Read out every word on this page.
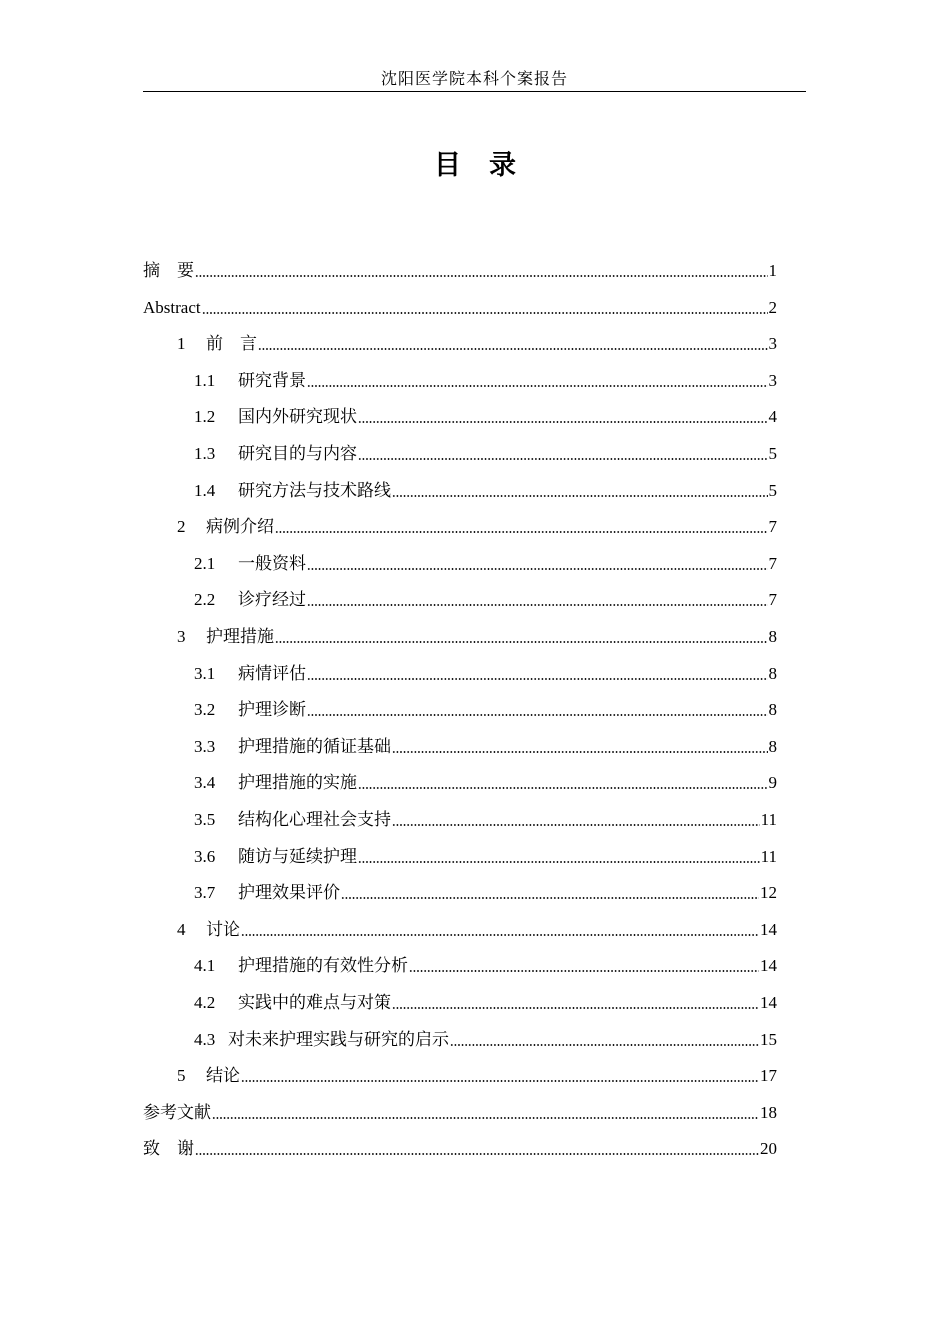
沈阳医学院本科个案报告
目录
摘　要	1
Abstract	2
1	前　言	3
1.1	研究背景	3
1.2	国内外研究现状	4
1.3	研究目的与内容	5
1.4	研究方法与技术路线	5
2	病例介绍	7
2.1	一般资料	7
2.2	诊疗经过	7
3	护理措施	8
3.1	病情评估	8
3.2	护理诊断	8
3.3	护理措施的循证基础	8
3.4	护理措施的实施	9
3.5	结构化心理社会支持	11
3.6	随访与延续护理	11
3.7	护理效果评价	12
4	讨论	14
4.1	护理措施的有效性分析	14
4.2	实践中的难点与对策	14
4.3 对未来护理实践与研究的启示	15
5	结论	17
参考文献	18
致　谢	20
